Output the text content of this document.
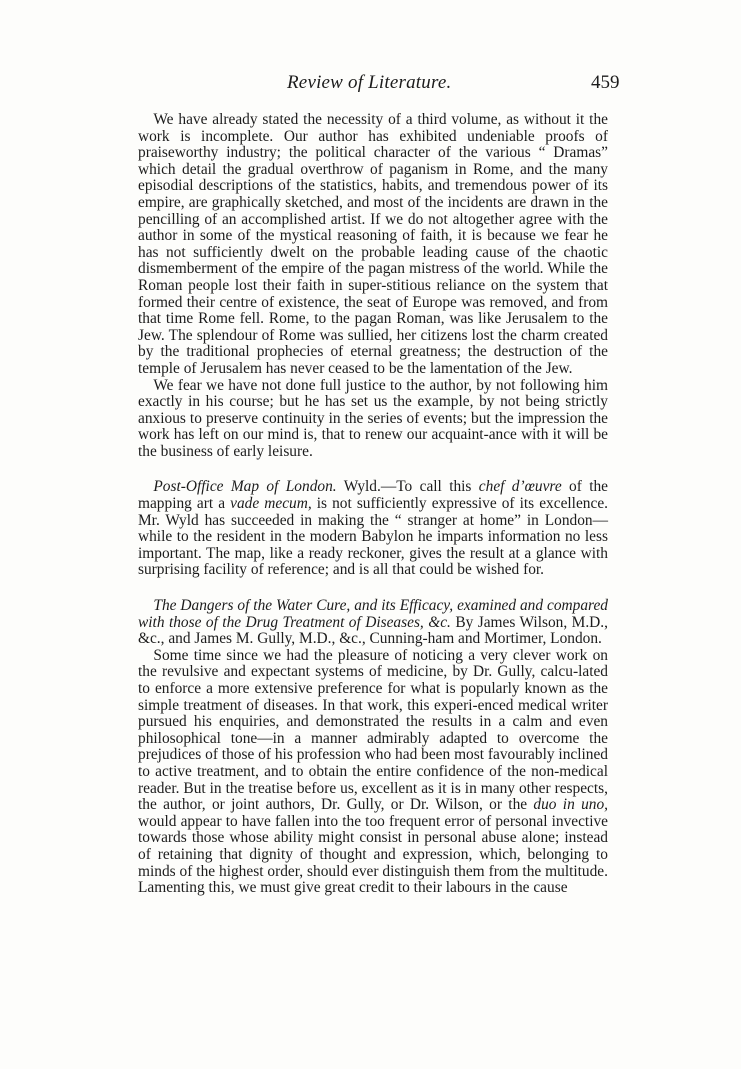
Review of Literature.	459

We have already stated the necessity of a third volume, as without it the work is incomplete. Our author has exhibited undeniable proofs of praiseworthy industry; the political character of the various “ Dramas” which detail the gradual overthrow of paganism in Rome, and the many episodial descriptions of the statistics, habits, and tremendous power of its empire, are graphically sketched, and most of the incidents are drawn in the pencilling of an accomplished artist. If we do not altogether agree with the author in some of the mystical reasoning of faith, it is because we fear he has not sufficiently dwelt on the probable leading cause of the chaotic dismemberment of the empire of the pagan mistress of the world. While the Roman people lost their faith in super-stitious reliance on the system that formed their centre of existence, the seat of Europe was removed, and from that time Rome fell. Rome, to the pagan Roman, was like Jerusalem to the Jew. The splendour of Rome was sullied, her citizens lost the charm created by the traditional prophecies of eternal greatness; the destruction of the temple of Jerusalem has never ceased to be the lamentation of the Jew.

We fear we have not done full justice to the author, by not following him exactly in his course; but he has set us the example, by not being strictly anxious to preserve continuity in the series of events; but the impression the work has left on our mind is, that to renew our acquaint-ance with it will be the business of early leisure.

Post-Office Map of London. Wyld.—To call this chef d’œuvre of the mapping art a vade mecum, is not sufficiently expressive of its excellence. Mr. Wyld has succeeded in making the “ stranger at home” in London—while to the resident in the modern Babylon he imparts information no less important. The map, like a ready reckoner, gives the result at a glance with surprising facility of reference; and is all that could be wished for.

The Dangers of the Water Cure, and its Efficacy, examined and compared with those of the Drug Treatment of Diseases, &c. By James Wilson, M.D., &c., and James M. Gully, M.D., &c., Cunning-ham and Mortimer, London.

Some time since we had the pleasure of noticing a very clever work on the revulsive and expectant systems of medicine, by Dr. Gully, calcu-lated to enforce a more extensive preference for what is popularly known as the simple treatment of diseases. In that work, this experi-enced medical writer pursued his enquiries, and demonstrated the results in a calm and even philosophical tone—in a manner admirably adapted to overcome the prejudices of those of his profession who had been most favourably inclined to active treatment, and to obtain the entire confidence of the non-medical reader. But in the treatise before us, excellent as it is in many other respects, the author, or joint authors, Dr. Gully, or Dr. Wilson, or the duo in uno, would appear to have fallen into the too frequent error of personal invective towards those whose ability might consist in personal abuse alone; instead of retaining that dignity of thought and expression, which, belonging to minds of the highest order, should ever distinguish them from the multitude. Lamenting this, we must give great credit to their labours in the cause
